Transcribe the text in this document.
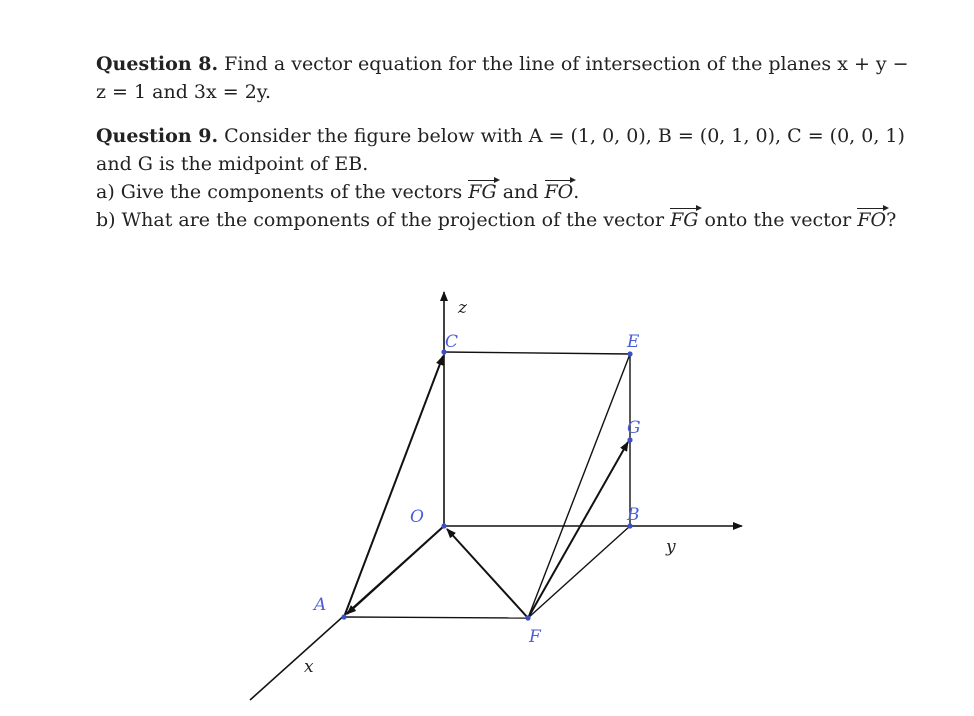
Question 8. Find a vector equation for the line of intersection of the planes x + y −
z = 1 and 3x = 2y.
Question 9. Consider the figure below with A = (1, 0, 0), B = (0, 1, 0), C = (0, 0, 1)
and G is the midpoint of EB.
a) Give the components of the vectors FG and FO.
b) What are the components of the projection of the vector FG onto the vector FO?
z
y
x
C	E
G
B
O
A
F
